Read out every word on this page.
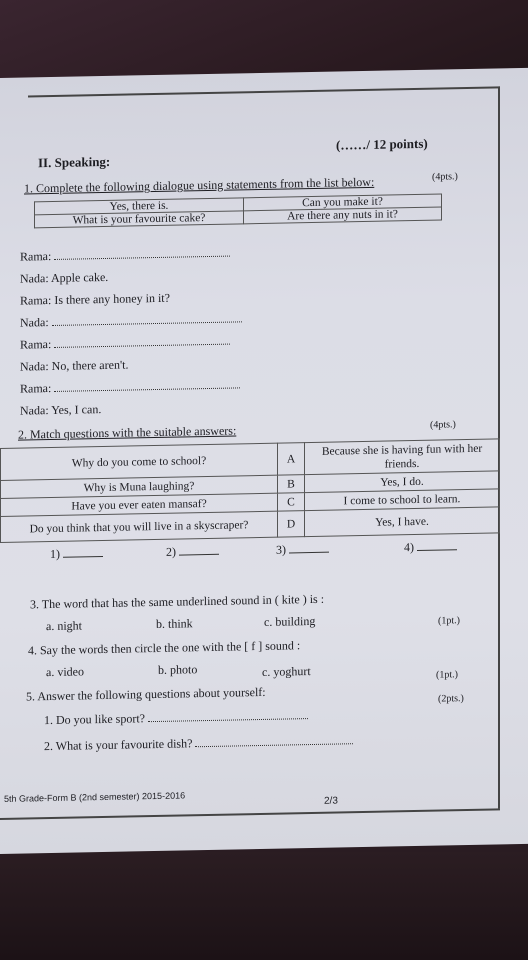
II. Speaking:
(……/ 12 points)
1. Complete the following dialogue using statements from the list below:	(4pts.)
Yes, there is.	Can you make it?
What is your favourite cake?	Are there any nuts in it?
Rama:
Nada: Apple cake.
Rama: Is there any honey in it?
Nada:
Rama:
Nada: No, there aren't.
Rama:
Nada: Yes, I can.
2. Match questions with the suitable answers:	(4pts.)
Why do you come to school?	A	Because she is having fun with her friends.
Why is Muna laughing?	B	Yes, I do.
Have you ever eaten mansaf?	C	I come to school to learn.
Do you think that you will live in a skyscraper?	D	Yes, I have.
1)	2)	3)	4)
3. The word that has the same underlined sound in ( kite ) is :
a. night	b. think	c. building	(1pt.)
4. Say the words then circle the one with the [ f ] sound :
a. video	b. photo	c. yoghurt	(1pt.)
5. Answer the following questions about yourself:	(2pts.)
1. Do you like sport?
2. What is your favourite dish?
5th Grade-Form B (2nd semester) 2015-2016	2/3
